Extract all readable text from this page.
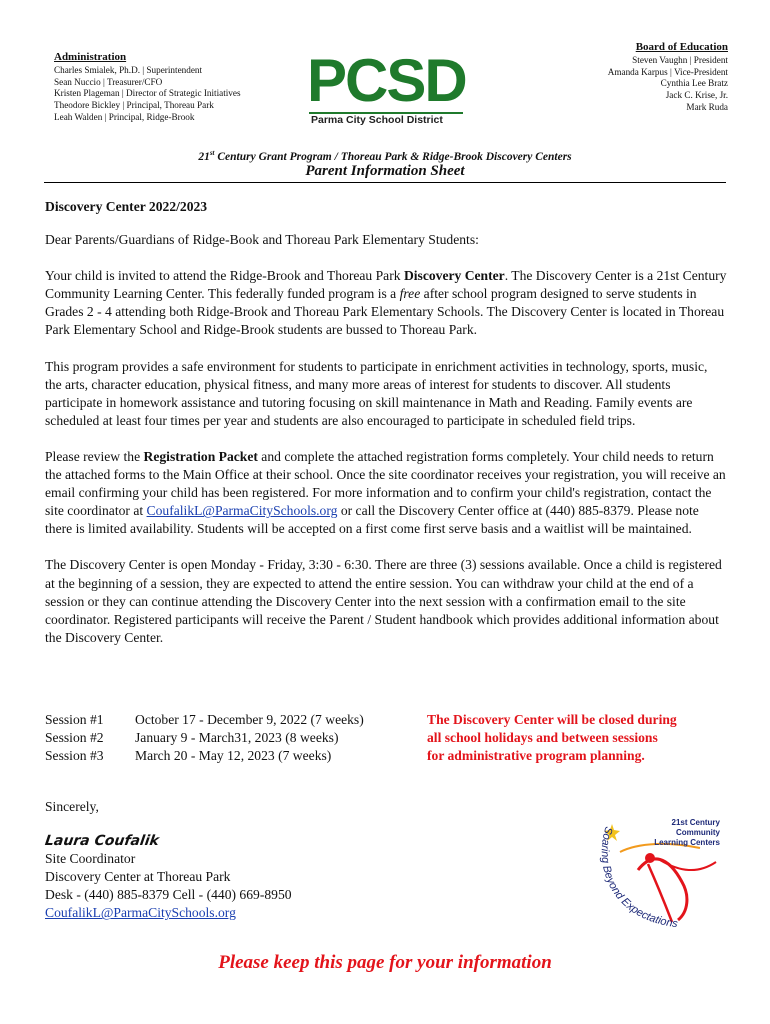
Administration
Charles Smialek, Ph.D. | Superintendent
Sean Nuccio | Treasurer/CFO
Kristen Plageman | Director of Strategic Initiatives
Theodore Bickley | Principal, Thoreau Park
Leah Walden | Principal, Ridge-Brook
PCSD
Parma City School District
Board of Education
Steven Vaughn | President
Amanda Karpus | Vice-President
Cynthia Lee Bratz
Jack C. Krise, Jr.
Mark Ruda
21st Century Grant Program / Thoreau Park & Ridge-Brook Discovery Centers
Parent Information Sheet

Discovery Center 2022/2023

Dear Parents/Guardians of Ridge-Book and Thoreau Park Elementary Students:

Your child is invited to attend the Ridge-Brook and Thoreau Park Discovery Center. The Discovery Center is a 21st Century Community Learning Center. This federally funded program is a free after school program designed to serve students in Grades 2 - 4 attending both Ridge-Brook and Thoreau Park Elementary Schools. The Discovery Center is located in Thoreau Park Elementary School and Ridge-Brook students are bussed to Thoreau Park.

This program provides a safe environment for students to participate in enrichment activities in technology, sports, music, the arts, character education, physical fitness, and many more areas of interest for students to discover. All students participate in homework assistance and tutoring focusing on skill maintenance in Math and Reading. Family events are scheduled at least four times per year and students are also encouraged to participate in scheduled field trips.

Please review the Registration Packet and complete the attached registration forms completely. Your child needs to return the attached forms to the Main Office at their school. Once the site coordinator receives your registration, you will receive an email confirming your child has been registered. For more information and to confirm your child's registration, contact the site coordinator at CoufalikL@ParmaCitySchools.org or call the Discovery Center office at (440) 885-8379. Please note there is limited availability. Students will be accepted on a first come first serve basis and a waitlist will be maintained.

The Discovery Center is open Monday - Friday, 3:30 - 6:30. There are three (3) sessions available. Once a child is registered at the beginning of a session, they are expected to attend the entire session. You can withdraw your child at the end of a session or they can continue attending the Discovery Center into the next session with a confirmation email to the site coordinator. Registered participants will receive the Parent / Student handbook which provides additional information about the Discovery Center.

Session #1	October 17 - December 9, 2022 (7 weeks)
Session #2	January 9 - March31, 2023 (8 weeks)
Session #3	March 20 - May 12, 2023 (7 weeks)
The Discovery Center will be closed during
all school holidays and between sessions
for administrative program planning.
Sincerely,
Laura Coufalik
Site Coordinator
Discovery Center at Thoreau Park
Desk - (440) 885-8379 Cell - (440) 669-8950
CoufalikL@ParmaCitySchools.org
Soaring Beyond Expectations
21st Century
Community
Learning Centers
Please keep this page for your information
